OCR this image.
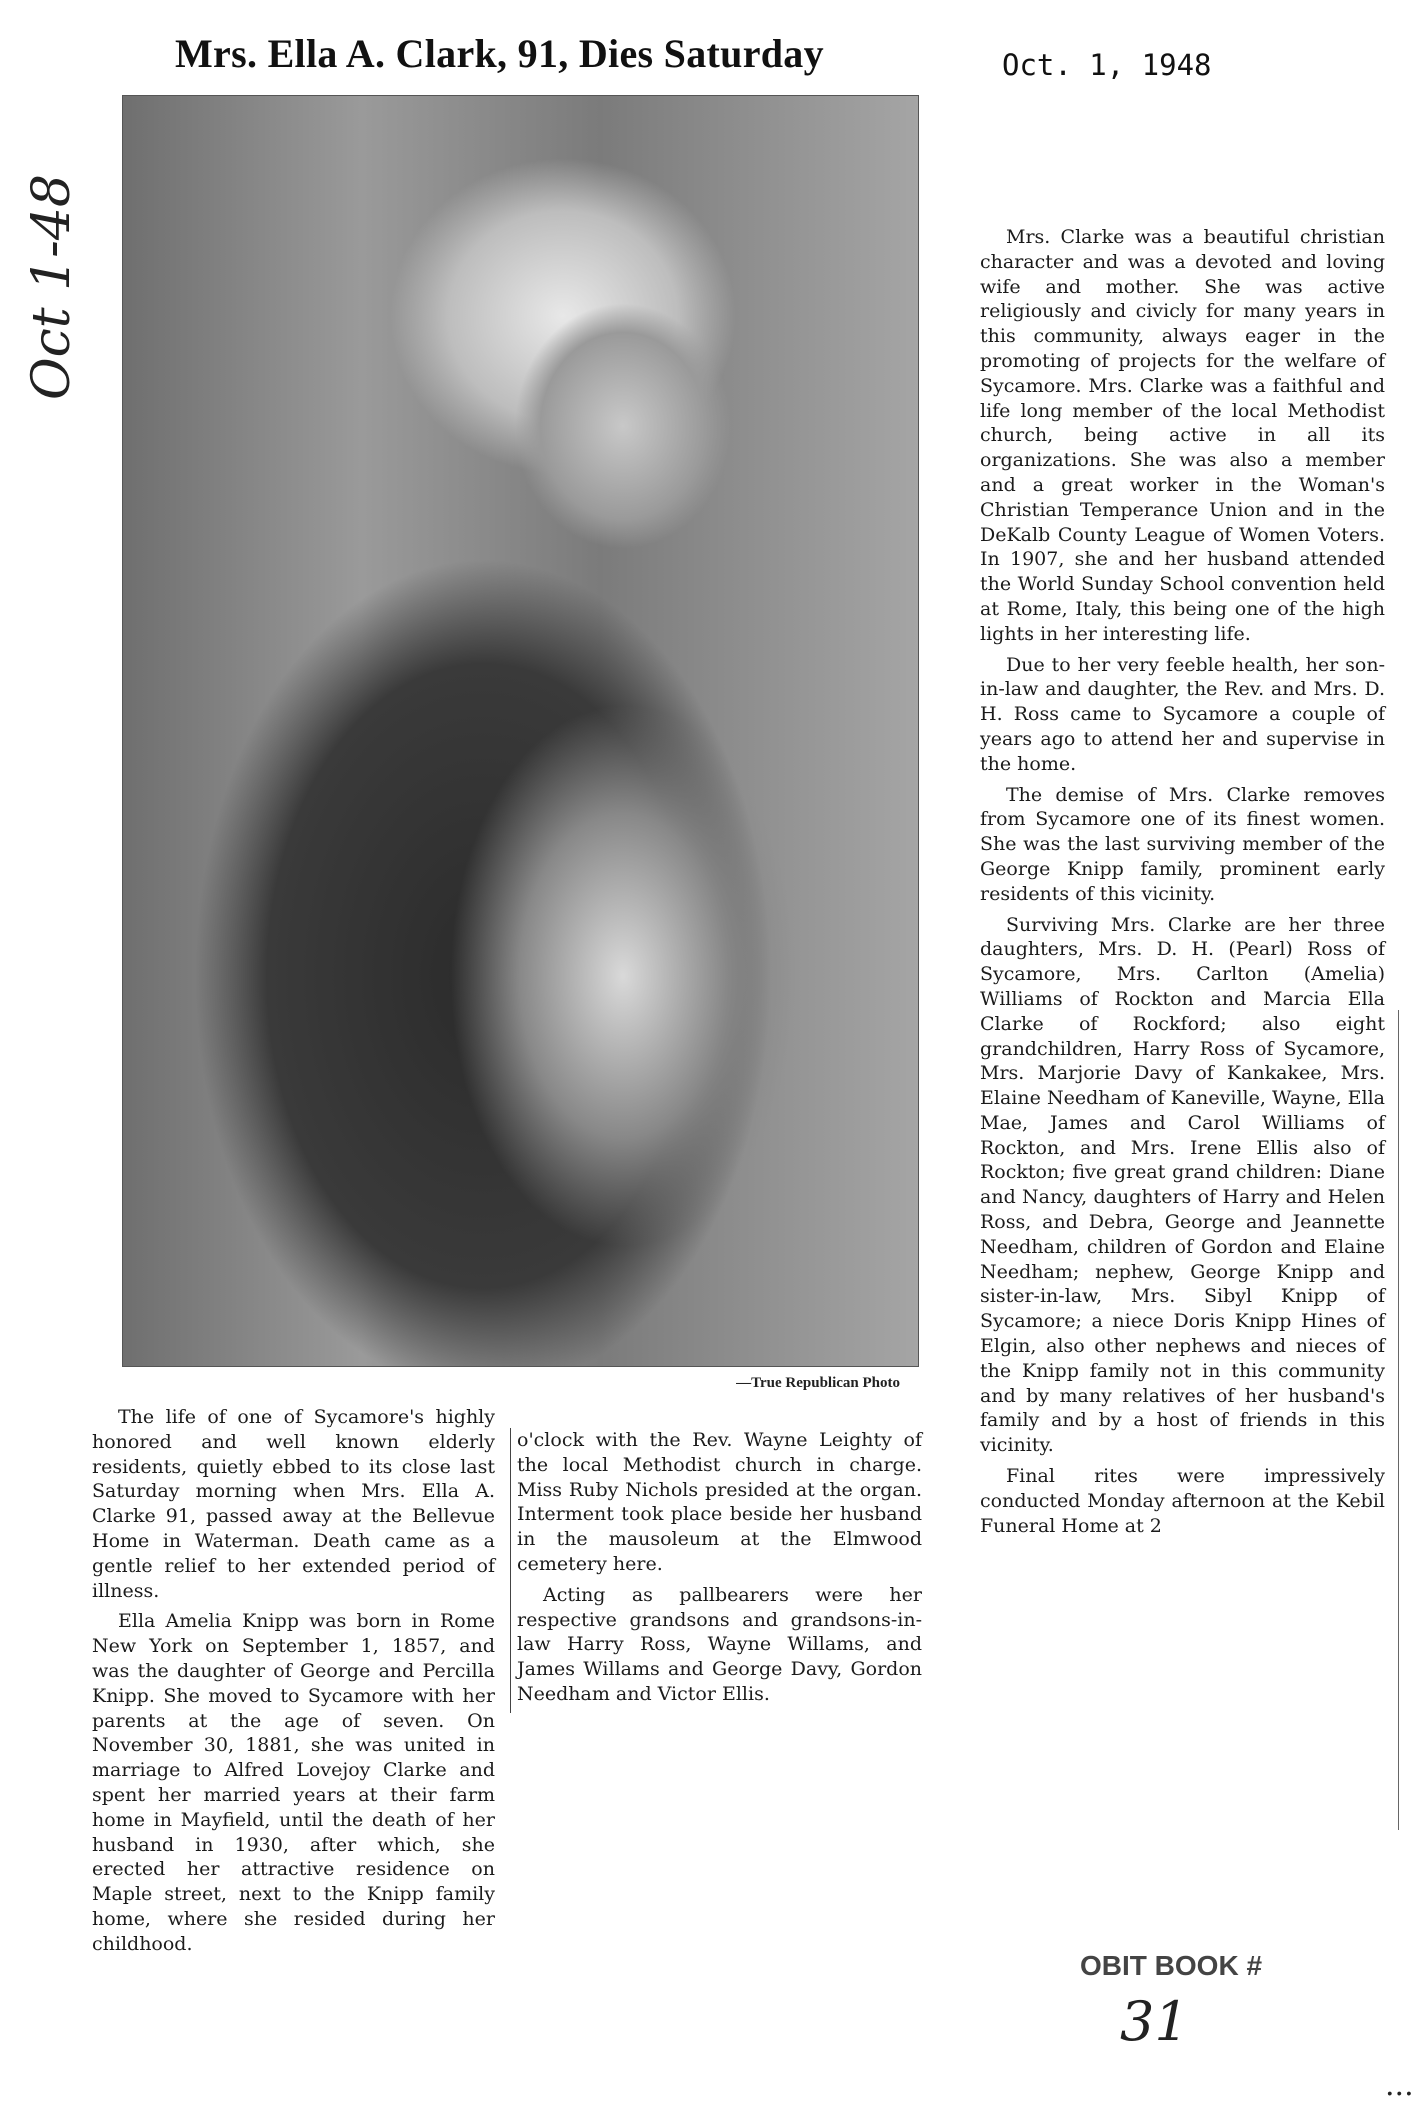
Mrs. Ella A. Clark, 91, Dies Saturday	Oct. 1, 1948
Oct 1-48
—True Republican Photo

The life of one of Sycamore's highly honored and well known elderly residents, quietly ebbed to its close last Saturday morning when Mrs. Ella A. Clarke 91, passed away at the Bellevue Home in Waterman. Death came as a gentle relief to her extended period of illness.

Ella Amelia Knipp was born in Rome New York on September 1, 1857, and was the daughter of George and Percilla Knipp. She moved to Sycamore with her parents at the age of seven. On November 30, 1881, she was united in marriage to Alfred Lovejoy Clarke and spent her married years at their farm home in Mayfield, until the death of her husband in 1930, after which, she erected her attractive residence on Maple street, next to the Knipp family home, where she resided during her childhood.

o'clock with the Rev. Wayne Leighty of the local Methodist church in charge. Miss Ruby Nichols presided at the organ. Interment took place beside her husband in the mausoleum at the Elmwood cemetery here.

Acting as pallbearers were her respective grandsons and grandsons-in-law Harry Ross, Wayne Willams, and James Willams and George Davy, Gordon Needham and Victor Ellis.

Mrs. Clarke was a beautiful christian character and was a devoted and loving wife and mother. She was active religiously and civicly for many years in this community, always eager in the promoting of projects for the welfare of Sycamore. Mrs. Clarke was a faithful and life long member of the local Methodist church, being active in all its organizations. She was also a member and a great worker in the Woman's Christian Temperance Union and in the DeKalb County League of Women Voters. In 1907, she and her husband attended the World Sunday School convention held at Rome, Italy, this being one of the high lights in her interesting life.

Due to her very feeble health, her son-in-law and daughter, the Rev. and Mrs. D. H. Ross came to Sycamore a couple of years ago to attend her and supervise in the home.

The demise of Mrs. Clarke removes from Sycamore one of its finest women. She was the last surviving member of the George Knipp family, prominent early residents of this vicinity.

Surviving Mrs. Clarke are her three daughters, Mrs. D. H. (Pearl) Ross of Sycamore, Mrs. Carlton (Amelia) Williams of Rockton and Marcia Ella Clarke of Rockford; also eight grandchildren, Harry Ross of Sycamore, Mrs. Marjorie Davy of Kankakee, Mrs. Elaine Needham of Kaneville, Wayne, Ella Mae, James and Carol Williams of Rockton, and Mrs. Irene Ellis also of Rockton; five great grand children: Diane and Nancy, daughters of Harry and Helen Ross, and Debra, George and Jeannette Needham, children of Gordon and Elaine Needham; nephew, George Knipp and sister-in-law, Mrs. Sibyl Knipp of Sycamore; a niece Doris Knipp Hines of Elgin, also other nephews and nieces of the Knipp family not in this community and by many relatives of her husband's family and by a host of friends in this vicinity.

Final rites were impressively conducted Monday afternoon at the Kebil Funeral Home at 2

OBIT BOOK #
31
...
